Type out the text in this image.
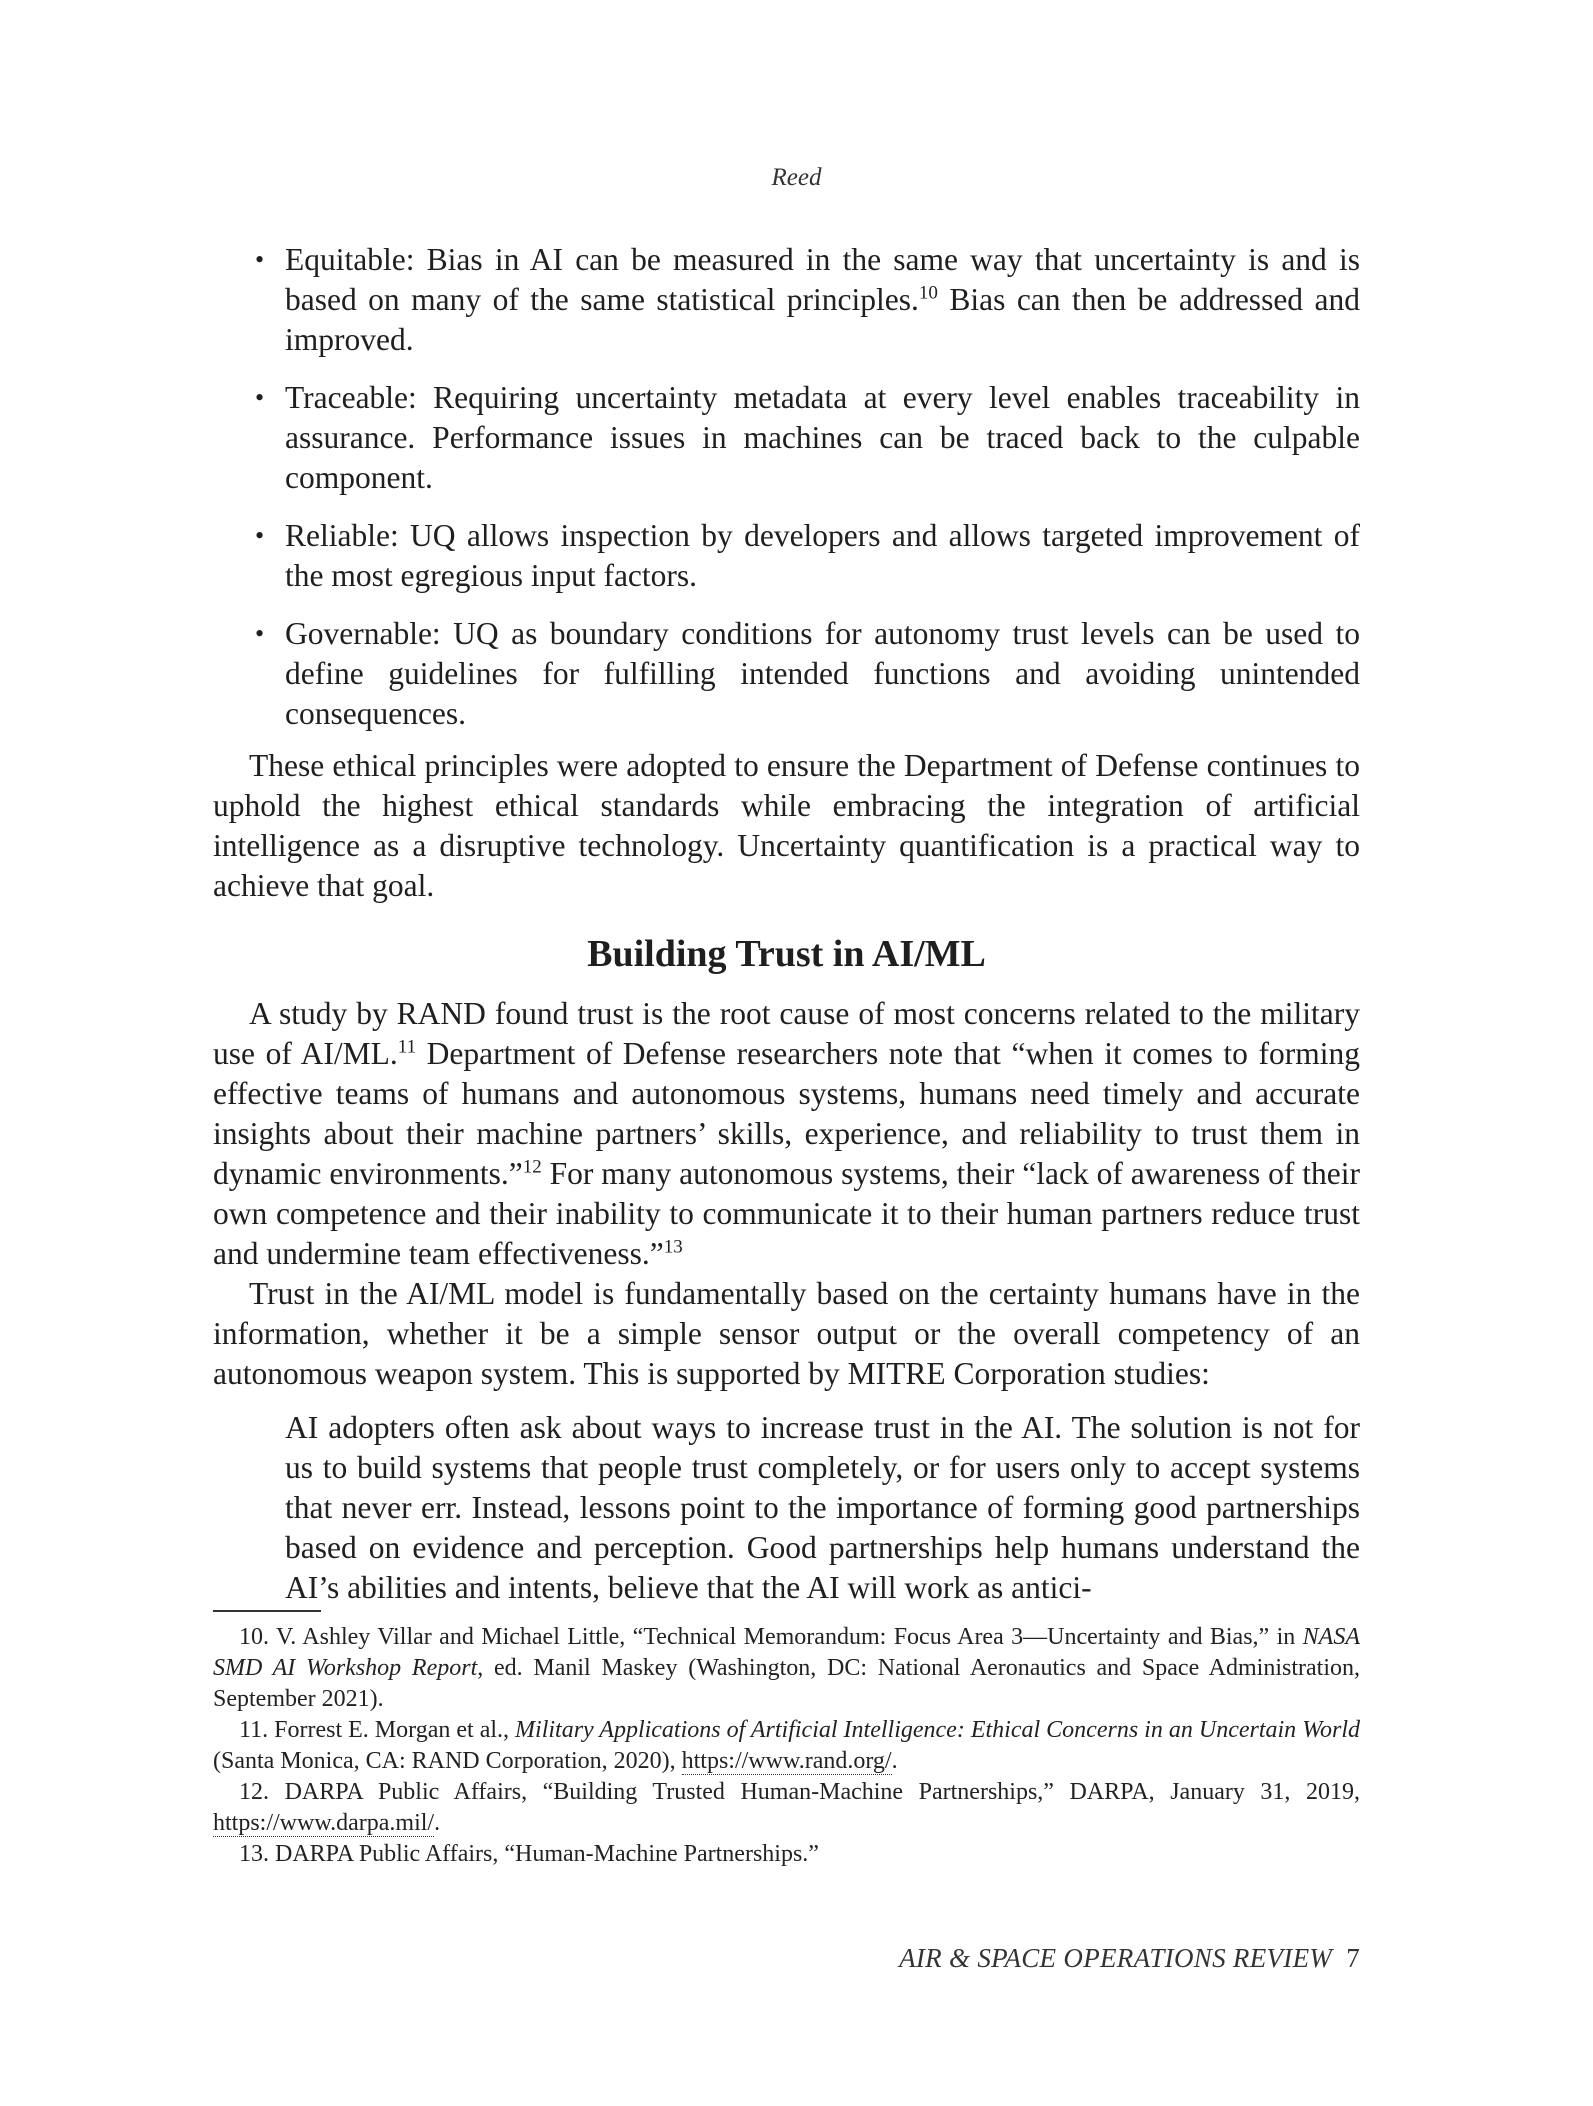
Reed
• Equitable: Bias in AI can be measured in the same way that uncertainty is and is based on many of the same statistical principles.$^{10}$ Bias can then be addressed and improved.
• Traceable: Requiring uncertainty metadata at every level enables traceability in assurance. Performance issues in machines can be traced back to the culpable component.
• Reliable: UQ allows inspection by developers and allows targeted improvement of the most egregious input factors.
• Governable: UQ as boundary conditions for autonomy trust levels can be used to define guidelines for fulfilling intended functions and avoiding unintended consequences.

These ethical principles were adopted to ensure the Department of Defense continues to uphold the highest ethical standards while embracing the integration of artificial intelligence as a disruptive technology. Uncertainty quantification is a practical way to achieve that goal.

Building Trust in AI/ML

A study by RAND found trust is the root cause of most concerns related to the military use of AI/ML.$^{11}$ Department of Defense researchers note that “when it comes to forming effective teams of humans and autonomous systems, humans need timely and accurate insights about their machine partners’ skills, experience, and reliability to trust them in dynamic environments.”$^{12}$ For many autonomous systems, their “lack of awareness of their own competence and their inability to communicate it to their human partners reduce trust and undermine team effectiveness.”$^{13}$

Trust in the AI/ML model is fundamentally based on the certainty humans have in the information, whether it be a simple sensor output or the overall competency of an autonomous weapon system. This is supported by MITRE Corporation studies:

AI adopters often ask about ways to increase trust in the AI. The solution is not for us to build systems that people trust completely, or for users only to accept systems that never err. Instead, lessons point to the importance of forming good partnerships based on evidence and perception. Good partnerships help humans understand the AI’s abilities and intents, believe that the AI will work as antici-

10. V. Ashley Villar and Michael Little, “Technical Memorandum: Focus Area 3—Uncertainty and Bias,” in NASA SMD AI Workshop Report, ed. Manil Maskey (Washington, DC: National Aeronautics and Space Administration, September 2021).

11. Forrest E. Morgan et al., Military Applications of Artificial Intelligence: Ethical Concerns in an Uncertain World (Santa Monica, CA: RAND Corporation, 2020), https://www.rand.org/.

12. DARPA Public Affairs, “Building Trusted Human-Machine Partnerships,” DARPA, January 31, 2019, https://www.darpa.mil/.

13. DARPA Public Affairs, “Human-Machine Partnerships.”

AIR & SPACE OPERATIONS REVIEW 7
